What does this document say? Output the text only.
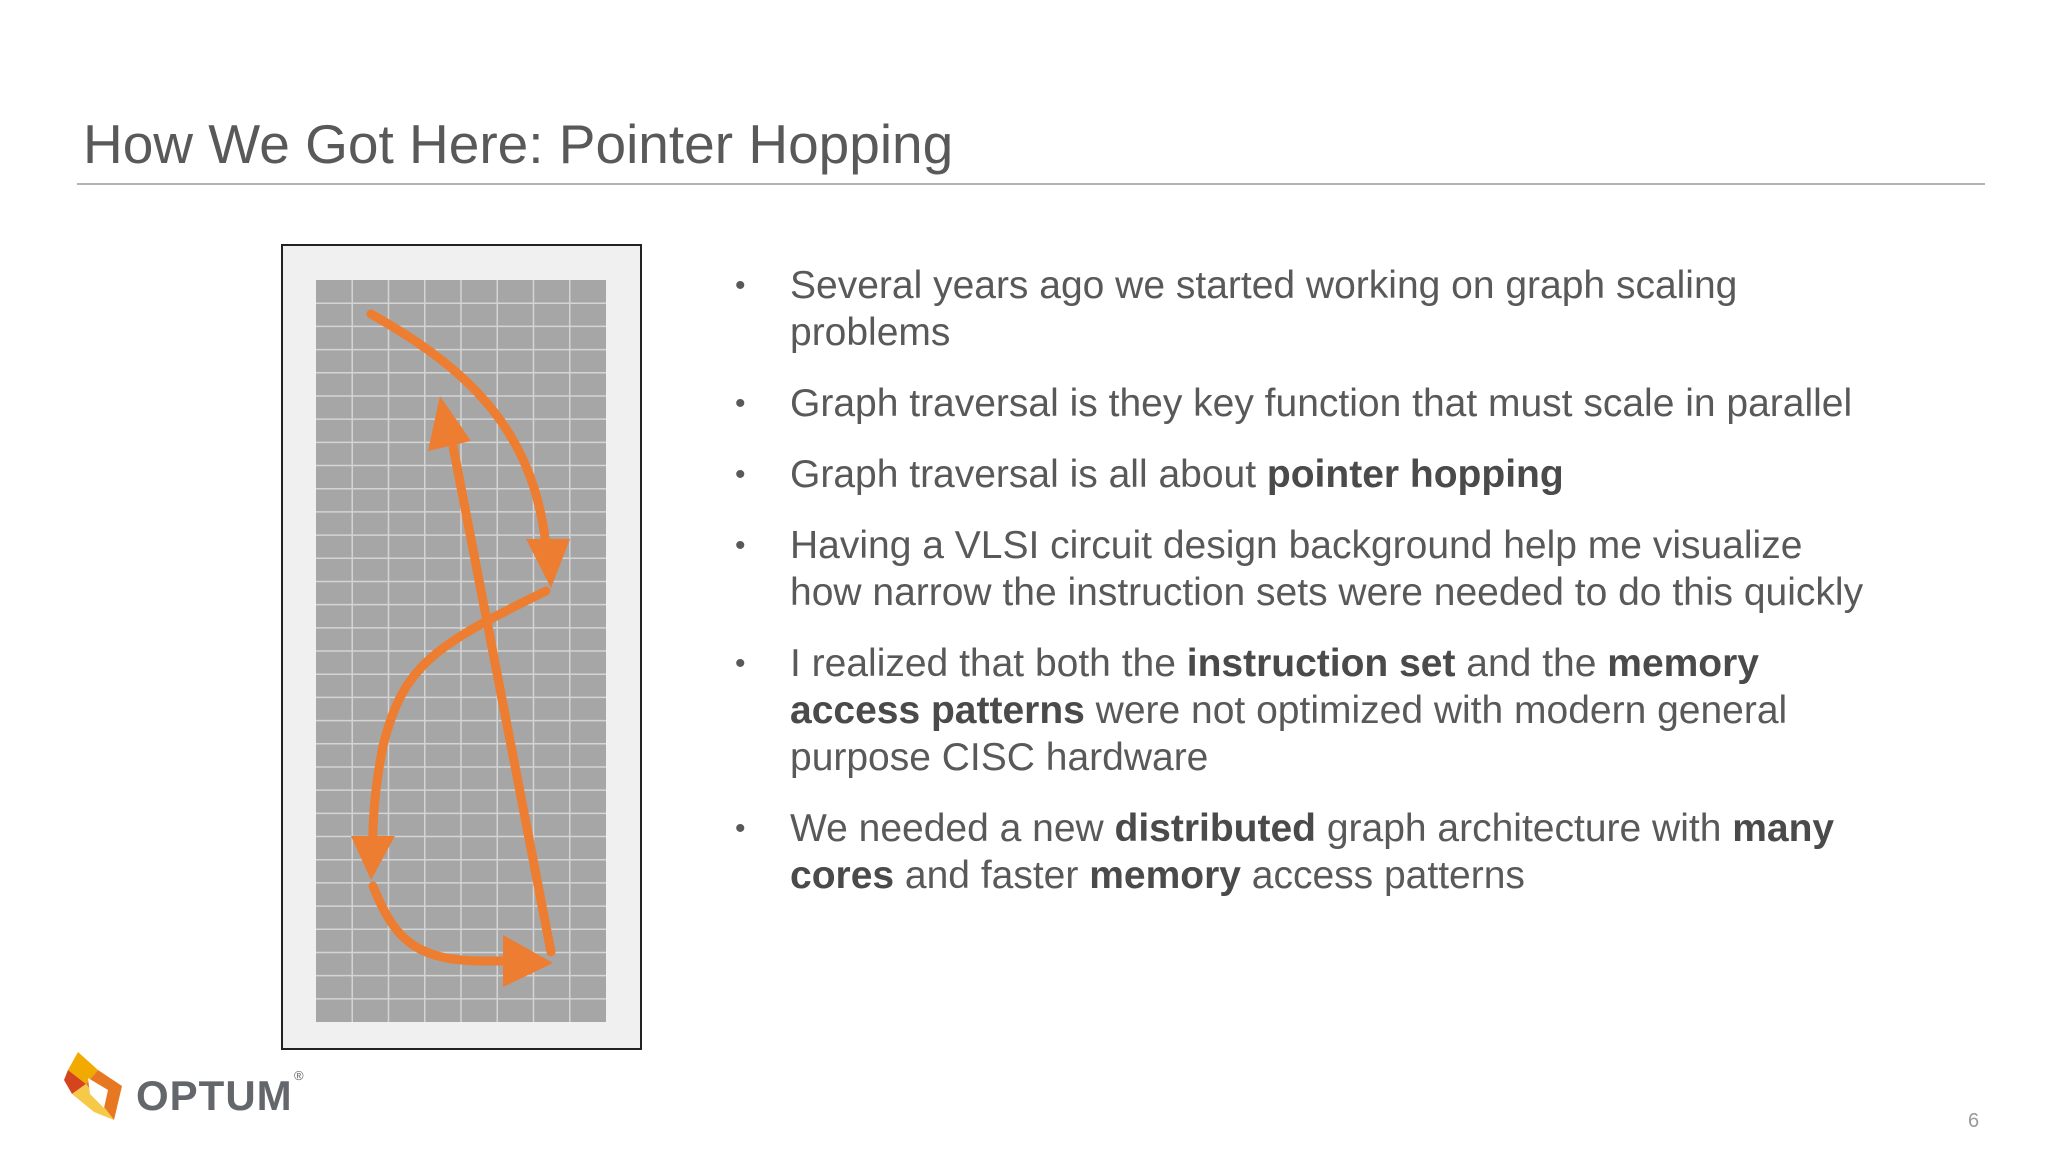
How We Got Here: Pointer Hopping
• Several years ago we started working on graph scaling problems
• Graph traversal is they key function that must scale in parallel
• Graph traversal is all about pointer hopping
• Having a VLSI circuit design background help me visualize how narrow the instruction sets were needed to do this quickly
• I realized that both the instruction set and the memory access patterns were not optimized with modern general purpose CISC hardware
• We needed a new distributed graph architecture with many cores and faster memory access patterns
OPTUM ®
6
